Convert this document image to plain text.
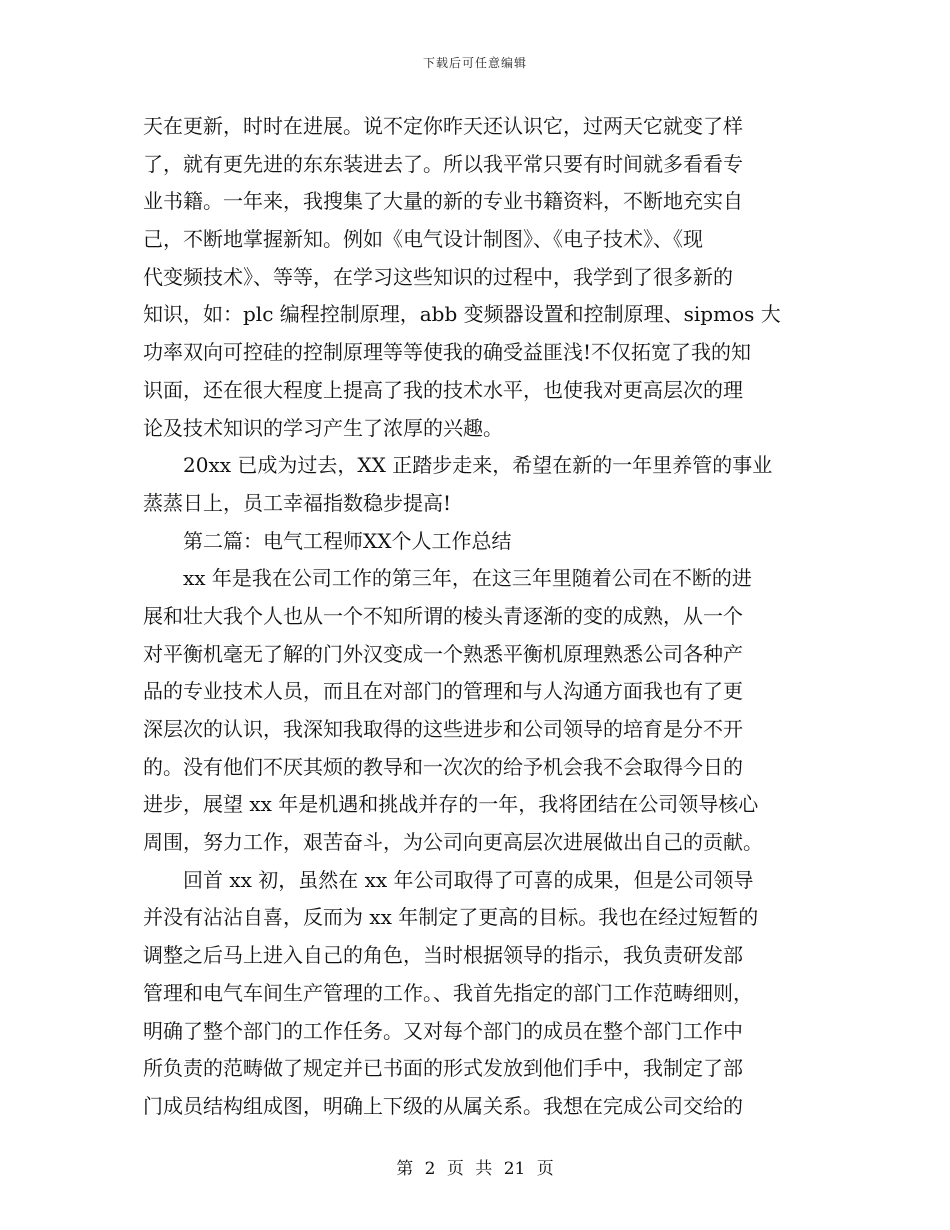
下载后可任意编辑
天在更新，时时在进展。说不定你昨天还认识它，过两天它就变了样
了，就有更先进的东东装进去了。所以我平常只要有时间就多看看专
业书籍。一年来，我搜集了大量的新的专业书籍资料，不断地充实自
己，不断地掌握新知。例如《电气设计制图》、《电子技术》、《现
代变频技术》、等等，在学习这些知识的过程中，我学到了很多新的
知识，如：plc 编程控制原理，abb 变频器设置和控制原理、sipmos 大
功率双向可控硅的控制原理等等使我的确受益匪浅!不仅拓宽了我的知
识面，还在很大程度上提高了我的技术水平，也使我对更高层次的理
论及技术知识的学习产生了浓厚的兴趣。
20xx 已成为过去，XX 正踏步走来，希望在新的一年里养管的事业
蒸蒸日上，员工幸福指数稳步提高!
第二篇：电气工程师XX个人工作总结
xx 年是我在公司工作的第三年，在这三年里随着公司在不断的进
展和壮大我个人也从一个不知所谓的棱头青逐渐的变的成熟，从一个
对平衡机毫无了解的门外汉变成一个熟悉平衡机原理熟悉公司各种产
品的专业技术人员，而且在对部门的管理和与人沟通方面我也有了更
深层次的认识，我深知我取得的这些进步和公司领导的培育是分不开
的。没有他们不厌其烦的教导和一次次的给予机会我不会取得今日的
进步，展望 xx 年是机遇和挑战并存的一年，我将团结在公司领导核心
周围，努力工作，艰苦奋斗，为公司向更高层次进展做出自己的贡献。
回首 xx 初，虽然在 xx 年公司取得了可喜的成果，但是公司领导
并没有沾沾自喜，反而为 xx 年制定了更高的目标。我也在经过短暂的
调整之后马上进入自己的角色，当时根据领导的指示，我负责研发部
管理和电气车间生产管理的工作。、我首先指定的部门工作范畴细则，
明确了整个部门的工作任务。又对每个部门的成员在整个部门工作中
所负责的范畴做了规定并已书面的形式发放到他们手中，我制定了部
门成员结构组成图，明确上下级的从属关系。我想在完成公司交给的
第 2 页 共 21 页
